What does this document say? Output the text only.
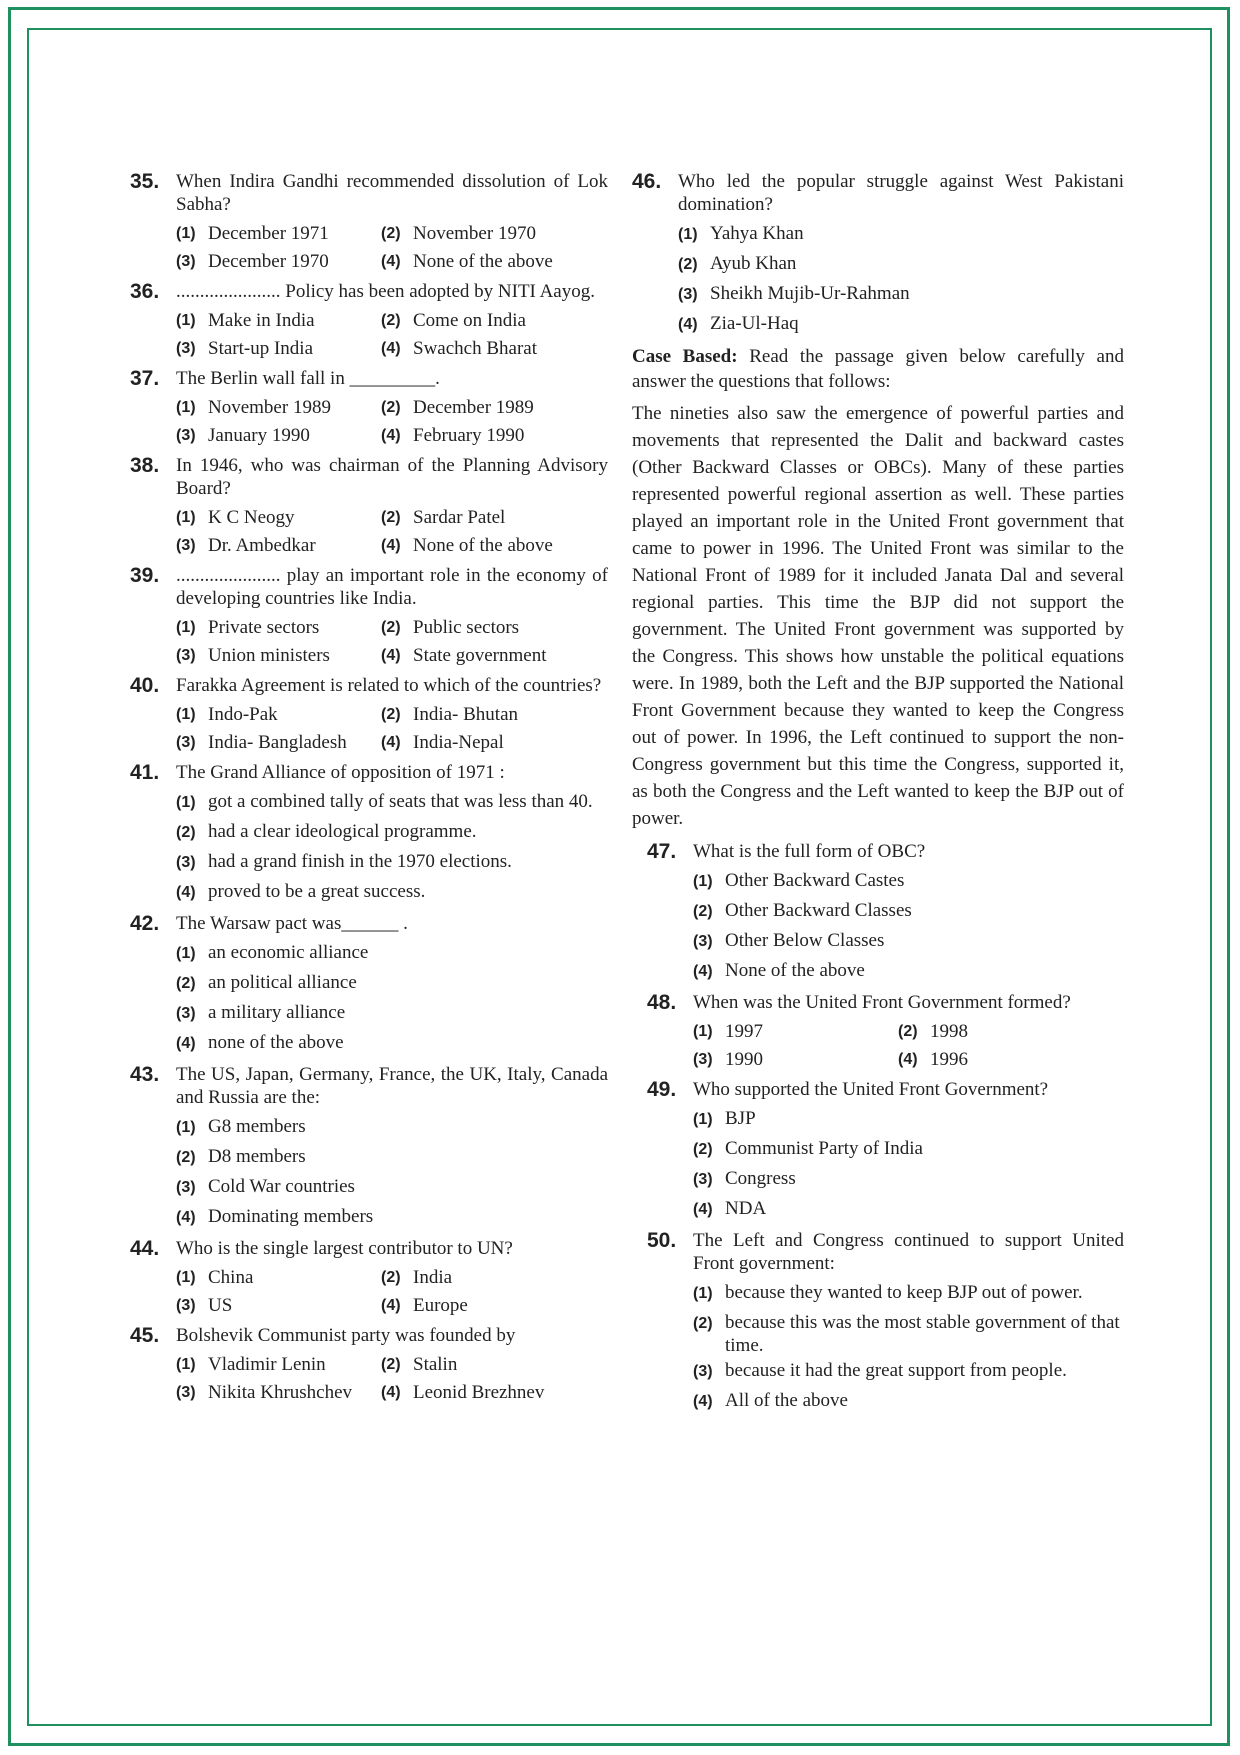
35. When Indira Gandhi recommended dissolution of Lok Sabha?
(1) December 1971	(2) November 1970
(3) December 1970	(4) None of the above
36. ...................... Policy has been adopted by NITI Aayog.
(1) Make in India	(2) Come on India
(3) Start-up India	(4) Swachch Bharat
37. The Berlin wall fall in _________.
(1) November 1989	(2) December 1989
(3) January 1990	(4) February 1990
38. In 1946, who was chairman of the Planning Advisory Board?
(1) K C Neogy	(2) Sardar Patel
(3) Dr. Ambedkar	(4) None of the above
39. ...................... play an important role in the economy of developing countries like India.
(1) Private sectors	(2) Public sectors
(3) Union ministers	(4) State government
40. Farakka Agreement is related to which of the countries?
(1) Indo-Pak	(2) India- Bhutan
(3) India- Bangladesh (4) India-Nepal
41. The Grand Alliance of opposition of 1971 :
(1) got a combined tally of seats that was less than 40.
(2) had a clear ideological programme.
(3) had a grand finish in the 1970 elections.
(4) proved to be a great success.
42. The Warsaw pact was______ .
(1) an economic alliance
(2) an political alliance
(3) a military alliance
(4) none of the above
43. The US, Japan, Germany, France, the UK, Italy, Canada and Russia are the:
(1) G8 members
(2) D8 members
(3) Cold War countries
(4) Dominating members
44. Who is the single largest contributor to UN?
(1) China	(2) India
(3) US	(4) Europe
45. Bolshevik Communist party was founded by
(1) Vladimir Lenin	(2) Stalin
(3) Nikita Khrushchev (4) Leonid Brezhnev
46. Who led the popular struggle against West Pakistani domination?
(1) Yahya Khan
(2) Ayub Khan
(3) Sheikh Mujib-Ur-Rahman
(4) Zia-Ul-Haq
Case Based: Read the passage given below carefully and answer the questions that follows:
The nineties also saw the emergence of powerful parties and movements that represented the Dalit and backward castes (Other Backward Classes or OBCs). Many of these parties represented powerful regional assertion as well. These parties played an important role in the United Front government that came to power in 1996. The United Front was similar to the National Front of 1989 for it included Janata Dal and several regional parties. This time the BJP did not support the government. The United Front government was supported by the Congress. This shows how unstable the political equations were. In 1989, both the Left and the BJP supported the National Front Government because they wanted to keep the Congress out of power. In 1996, the Left continued to support the non-Congress government but this time the Congress, supported it, as both the Congress and the Left wanted to keep the BJP out of power.
47. What is the full form of OBC?
(1) Other Backward Castes
(2) Other Backward Classes
(3) Other Below Classes
(4) None of the above
48. When was the United Front Government formed?
(1) 1997	(2) 1998
(3) 1990	(4) 1996
49. Who supported the United Front Government?
(1) BJP
(2) Communist Party of India
(3) Congress
(4) NDA
50. The Left and Congress continued to support United Front government:
(1) because they wanted to keep BJP out of power.
(2) because this was the most stable government of that time.
(3) because it had the great support from people.
(4) All of the above
